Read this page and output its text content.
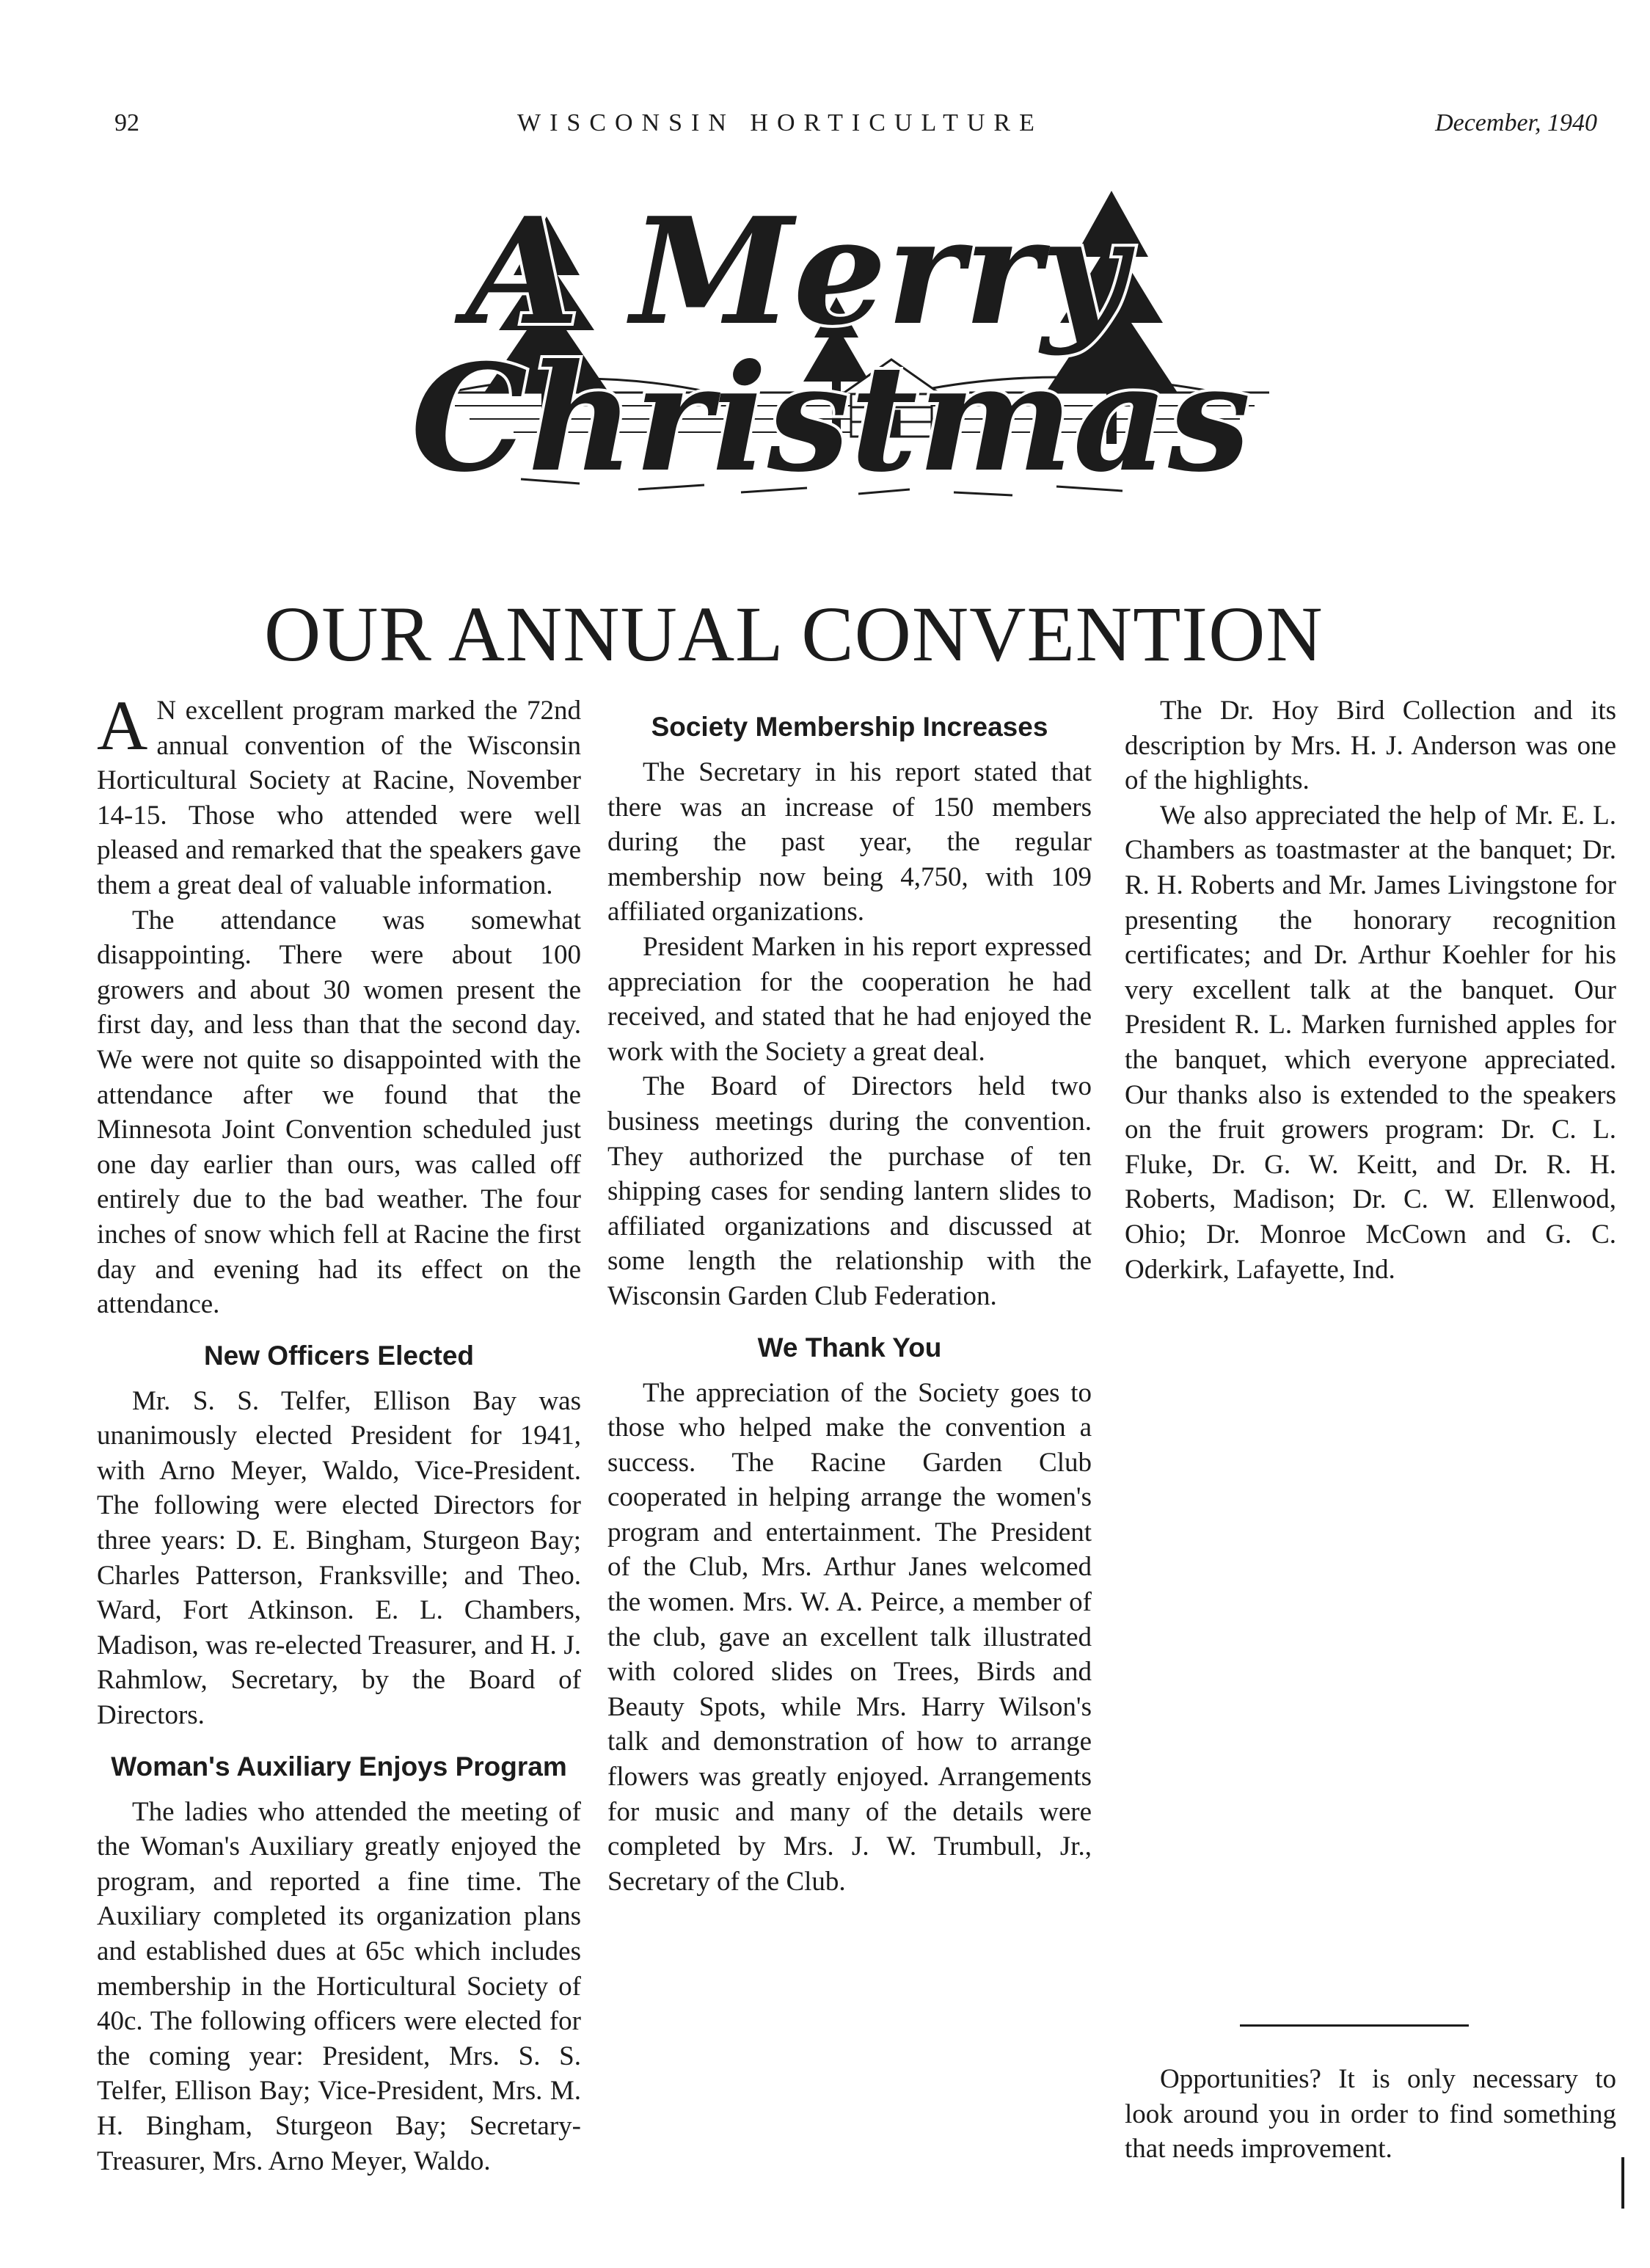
92	WISCONSIN HORTICULTURE	December, 1940
A Merry
Christmas
OUR ANNUAL CONVENTION

A N excellent program marked the 72nd annual convention of the Wisconsin Horticultural Society at Racine, November 14-15. Those who attended were well pleased and remarked that the speakers gave them a great deal of valuable information.

The attendance was somewhat disappointing. There were about 100 growers and about 30 women present the first day, and less than that the second day. We were not quite so disappointed with the attendance after we found that the Minnesota Joint Convention scheduled just one day earlier than ours, was called off entirely due to the bad weather. The four inches of snow which fell at Racine the first day and evening had its effect on the attendance.

New Officers Elected

Mr. S. S. Telfer, Ellison Bay was unanimously elected President for 1941, with Arno Meyer, Waldo, Vice-President. The following were elected Directors for three years: D. E. Bingham, Sturgeon Bay; Charles Patterson, Franksville; and Theo. Ward, Fort Atkinson. E. L. Chambers, Madison, was re-elected Treasurer, and H. J. Rahmlow, Secretary, by the Board of Directors.

Woman's Auxiliary Enjoys Program

The ladies who attended the meeting of the Woman's Auxiliary greatly enjoyed the program, and reported a fine time. The Auxiliary completed its organization plans and established dues at 65c which includes membership in the Horticultural Society of 40c. The following officers were elected for the coming year: President, Mrs. S. S. Telfer, Ellison Bay; Vice-President, Mrs. M. H. Bingham, Sturgeon Bay; Secretary-Treasurer, Mrs. Arno Meyer, Waldo.

Society Membership Increases

The Secretary in his report stated that there was an increase of 150 members during the past year, the regular membership now being 4,750, with 109 affiliated organizations.

President Marken in his report expressed appreciation for the cooperation he had received, and stated that he had enjoyed the work with the Society a great deal.

The Board of Directors held two business meetings during the convention. They authorized the purchase of ten shipping cases for sending lantern slides to affiliated organizations and discussed at some length the relationship with the Wisconsin Garden Club Federation.

We Thank You

The appreciation of the Society goes to those who helped make the convention a success. The Racine Garden Club cooperated in helping arrange the women's program and entertainment. The President of the Club, Mrs. Arthur Janes welcomed the women. Mrs. W. A. Peirce, a member of the club, gave an excellent talk illustrated with colored slides on Trees, Birds and Beauty Spots, while Mrs. Harry Wilson's talk and demonstration of how to arrange flowers was greatly enjoyed. Arrangements for music and many of the details were completed by Mrs. J. W. Trumbull, Jr., Secretary of the Club.

The Dr. Hoy Bird Collection and its description by Mrs. H. J. Anderson was one of the highlights.

We also appreciated the help of Mr. E. L. Chambers as toastmaster at the banquet; Dr. R. H. Roberts and Mr. James Livingstone for presenting the honorary recognition certificates; and Dr. Arthur Koehler for his very excellent talk at the banquet. Our President R. L. Marken furnished apples for the banquet, which everyone appreciated. Our thanks also is extended to the speakers on the fruit growers program: Dr. C. L. Fluke, Dr. G. W. Keitt, and Dr. R. H. Roberts, Madison; Dr. C. W. Ellenwood, Ohio; Dr. Monroe McCown and G. C. Oderkirk, Lafayette, Ind.

Opportunities? It is only necessary to look around you in order to find something that needs improvement.
